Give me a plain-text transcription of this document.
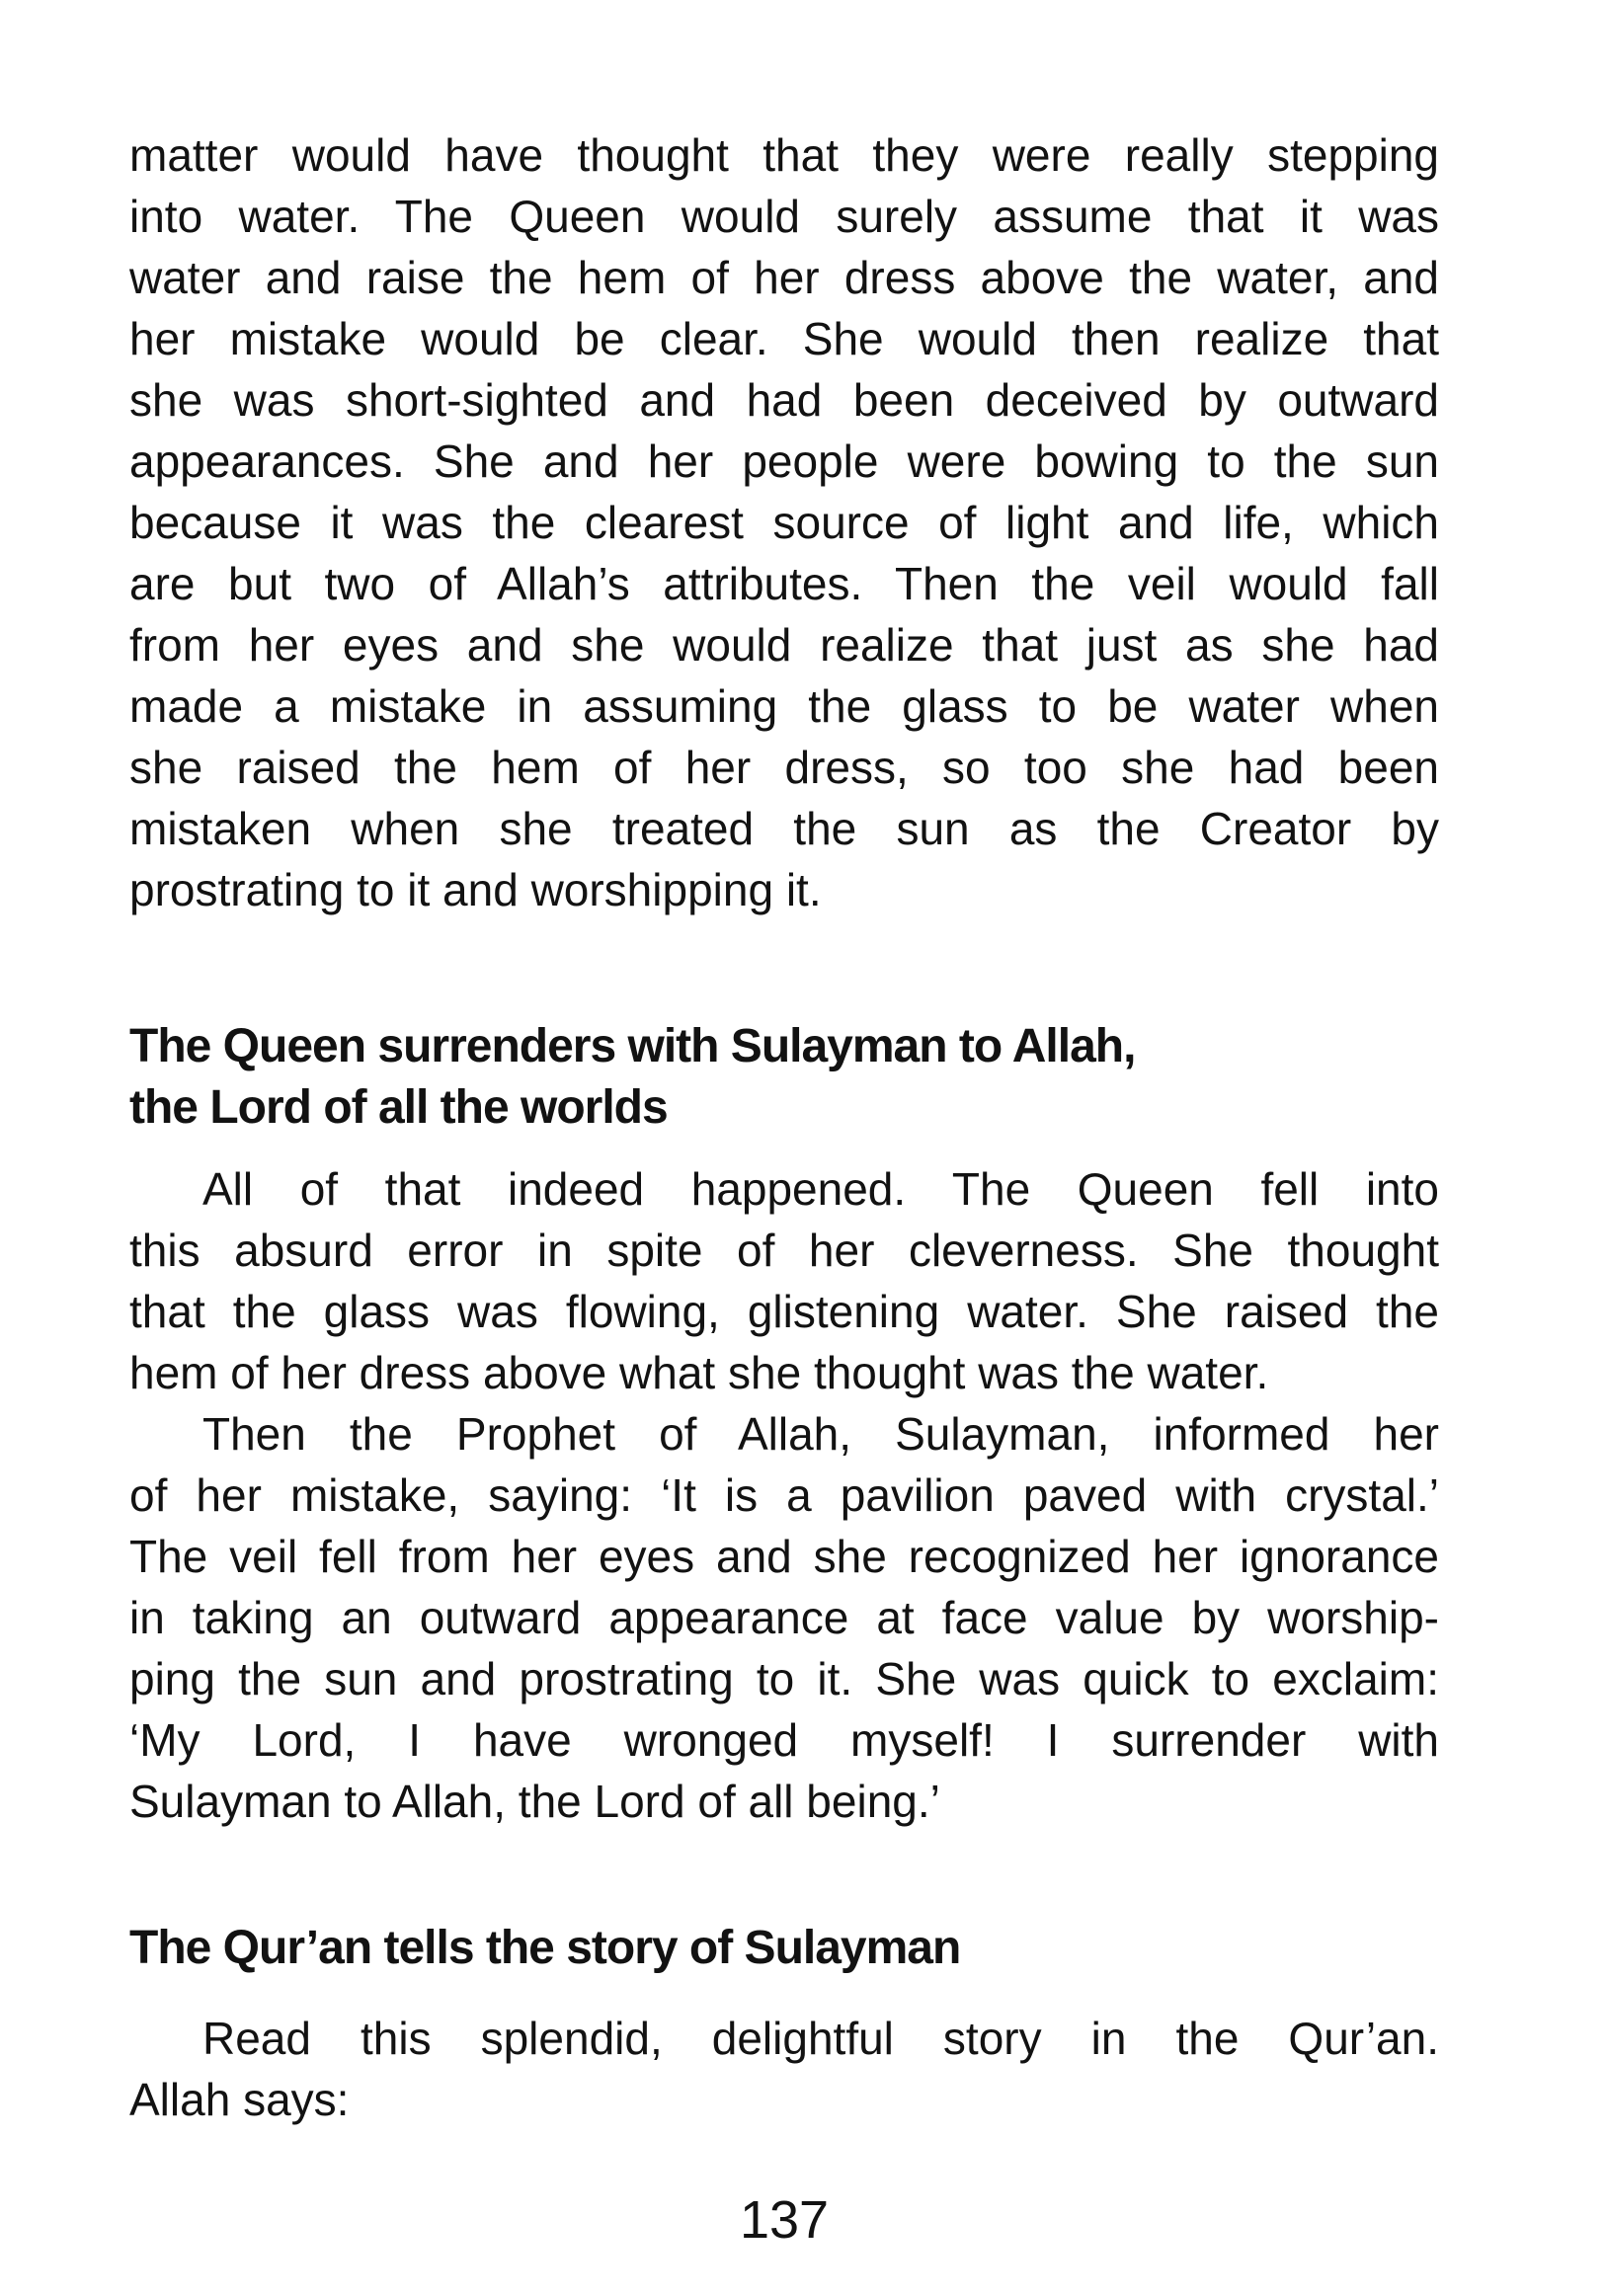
matter would have thought that they were really stepping
into water. The Queen would surely assume that it was
water and raise the hem of her dress above the water, and
her mistake would be clear. She would then realize that
she was short-sighted and had been deceived by outward
appearances. She and her people were bowing to the sun
because it was the clearest source of light and life, which
are but two of Allah’s attributes. Then the veil would fall
from her eyes and she would realize that just as she had
made a mistake in assuming the glass to be water when
she raised the hem of her dress, so too she had been
mistaken when she treated the sun as the Creator by
prostrating to it and worshipping it.
The Queen surrenders with Sulayman to Allah,
the Lord of all the worlds
All of that indeed happened. The Queen fell into
this absurd error in spite of her cleverness. She thought
that the glass was flowing, glistening water. She raised the
hem of her dress above what she thought was the water.
Then the Prophet of Allah, Sulayman, informed her
of her mistake, saying: ‘It is a pavilion paved with crystal.’
The veil fell from her eyes and she recognized her ignorance
in taking an outward appearance at face value by worship-
ping the sun and prostrating to it. She was quick to exclaim:
‘My Lord, I have wronged myself! I surrender with
Sulayman to Allah, the Lord of all being.’
The Qur’an tells the story of Sulayman
Read this splendid, delightful story in the Qur’an.
Allah says:
137
